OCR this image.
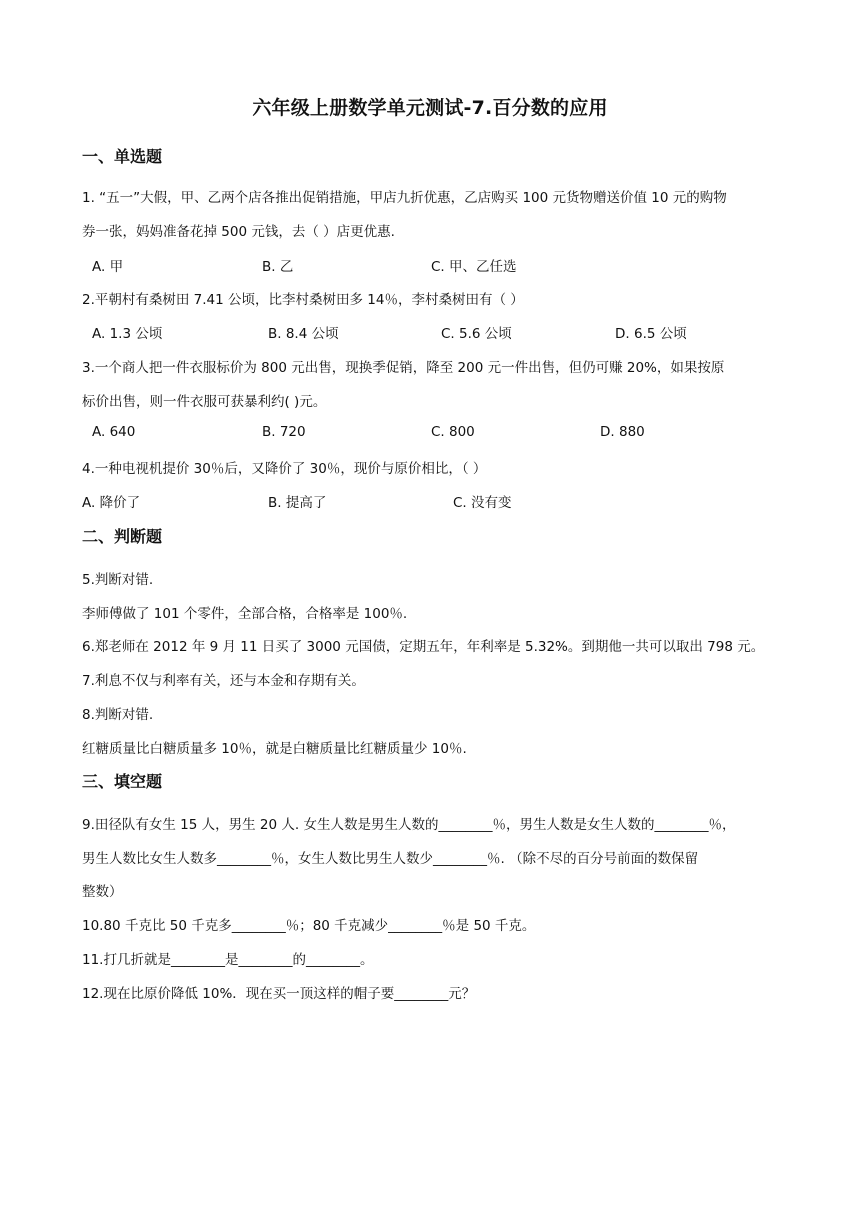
六年级上册数学单元测试-7.百分数的应用
一、单选题
1. “五一”大假，甲、乙两个店各推出促销措施，甲店九折优惠，乙店购买 100 元货物赠送价值 10 元的购物
券一张，妈妈准备花掉 500 元钱，去（ ）店更优惠.
A. 甲	B. 乙	C. 甲、乙任选
2.平朝村有桑树田 7.41 公顷，比李村桑树田多 14％，李村桑树田有（ ）
A. 1.3 公顷	B. 8.4 公顷	C. 5.6 公顷	D. 6.5 公顷
3.一个商人把一件衣服标价为 800 元出售，现换季促销，降至 200 元一件出售，但仍可赚 20%，如果按原
标价出售，则一件衣服可获暴利约( )元。
A. 640	B. 720	C. 800	D. 880
4.一种电视机提价 30％后，又降价了 30％，现价与原价相比，（ ）
A. 降价了	B. 提高了	C. 没有变
二、判断题
5.判断对错.
李师傅做了 101 个零件，全部合格，合格率是 100％.
6.郑老师在 2012 年 9 月 11 日买了 3000 元国债，定期五年，年利率是 5.32%。到期他一共可以取出 798 元。
7.利息不仅与利率有关，还与本金和存期有关。
8.判断对错.
红糖质量比白糖质量多 10％，就是白糖质量比红糖质量少 10％.
三、填空题
9.田径队有女生 15 人，男生 20 人. 女生人数是男生人数的________％，男生人数是女生人数的________％，
男生人数比女生人数多________％，女生人数比男生人数少________％. （除不尽的百分号前面的数保留
整数）
10.80 千克比 50 千克多________％；80 千克减少________％是 50 千克。
11.打几折就是________是________的________。
12.现在比原价降低 10%．现在买一顶这样的帽子要________元？
